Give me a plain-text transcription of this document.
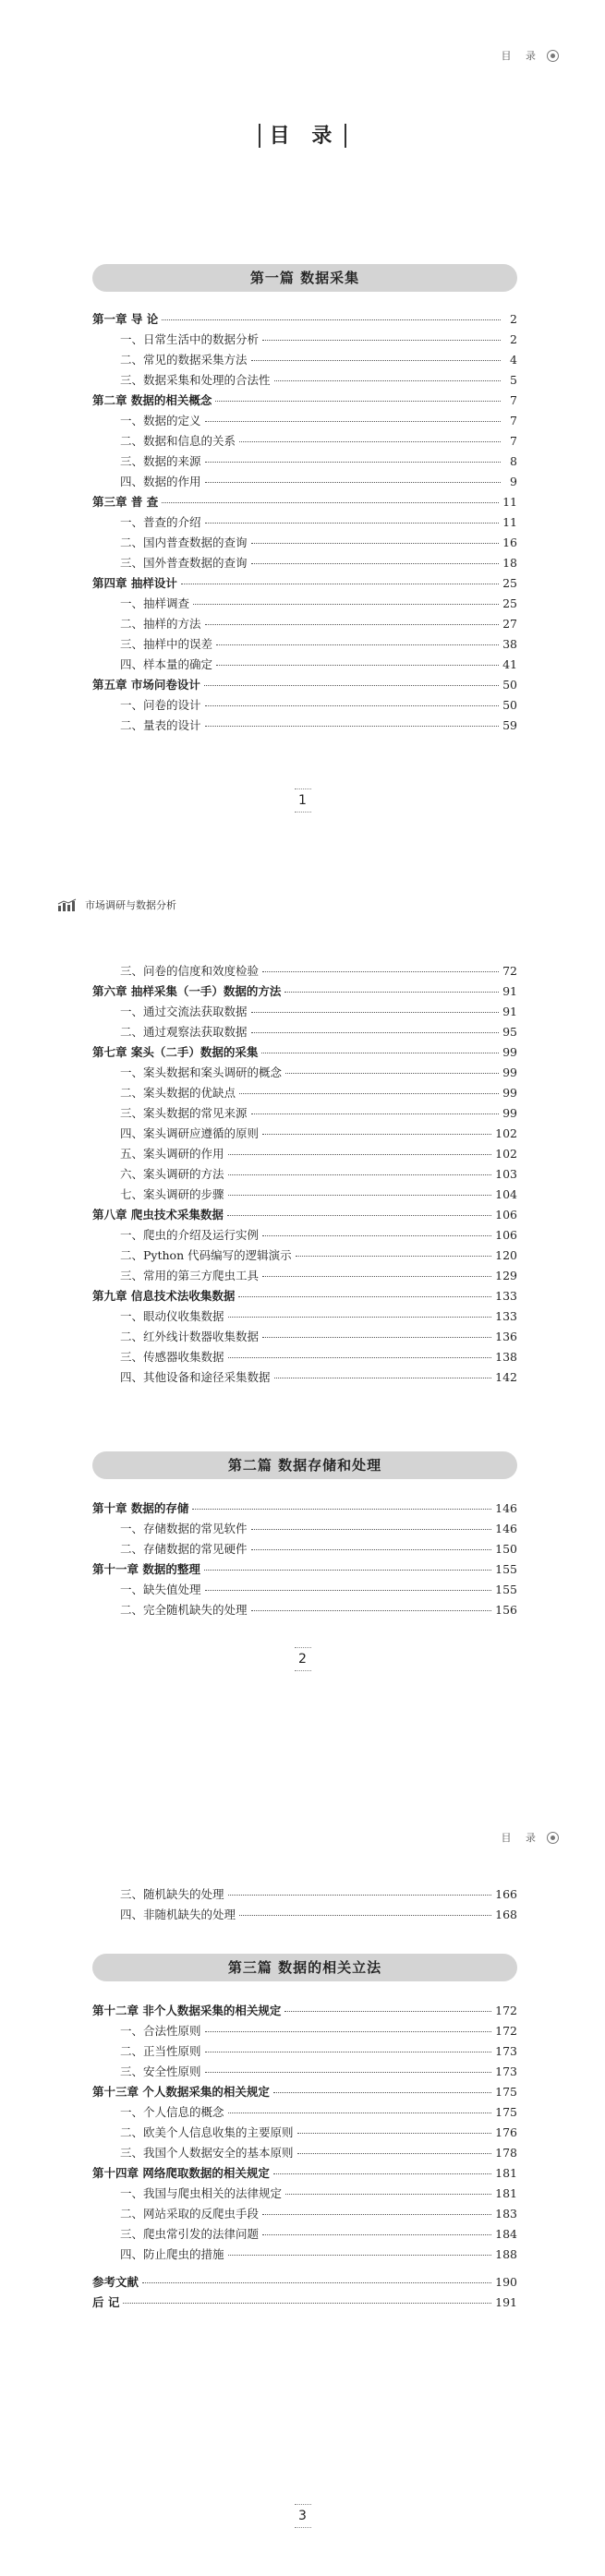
目 录
目 录
第一篇 数据采集
第一章 导 论	2
一、日常生活中的数据分析	2
二、常见的数据采集方法	4
三、数据采集和处理的合法性	5
第二章 数据的相关概念	7
一、数据的定义	7
二、数据和信息的关系	7
三、数据的来源	8
四、数据的作用	9
第三章 普 查	11
一、普查的介绍	11
二、国内普查数据的查询	16
三、国外普查数据的查询	18
第四章 抽样设计	25
一、抽样调查	25
二、抽样的方法	27
三、抽样中的误差	38
四、样本量的确定	41
第五章 市场问卷设计	50
一、问卷的设计	50
二、量表的设计	59
1
市场调研与数据分析
三、问卷的信度和效度检验	72
第六章 抽样采集（一手）数据的方法	91
一、通过交流法获取数据	91
二、通过观察法获取数据	95
第七章 案头（二手）数据的采集	99
一、案头数据和案头调研的概念	99
二、案头数据的优缺点	99
三、案头数据的常见来源	99
四、案头调研应遵循的原则	102
五、案头调研的作用	102
六、案头调研的方法	103
七、案头调研的步骤	104
第八章 爬虫技术采集数据	106
一、爬虫的介绍及运行实例	106
二、Python 代码编写的逻辑演示	120
三、常用的第三方爬虫工具	129
第九章 信息技术法收集数据	133
一、眼动仪收集数据	133
二、红外线计数器收集数据	136
三、传感器收集数据	138
四、其他设备和途径采集数据	142
第二篇 数据存储和处理
第十章 数据的存储	146
一、存储数据的常见软件	146
二、存储数据的常见硬件	150
第十一章 数据的整理	155
一、缺失值处理	155
二、完全随机缺失的处理	156
2
目 录
三、随机缺失的处理	166
四、非随机缺失的处理	168
第三篇 数据的相关立法
第十二章 非个人数据采集的相关规定	172
一、合法性原则	172
二、正当性原则	173
三、安全性原则	173
第十三章 个人数据采集的相关规定	175
一、个人信息的概念	175
二、欧美个人信息收集的主要原则	176
三、我国个人数据安全的基本原则	178
第十四章 网络爬取数据的相关规定	181
一、我国与爬虫相关的法律规定	181
二、网站采取的反爬虫手段	183
三、爬虫常引发的法律问题	184
四、防止爬虫的措施	188
参考文献	190
后 记	191
3
